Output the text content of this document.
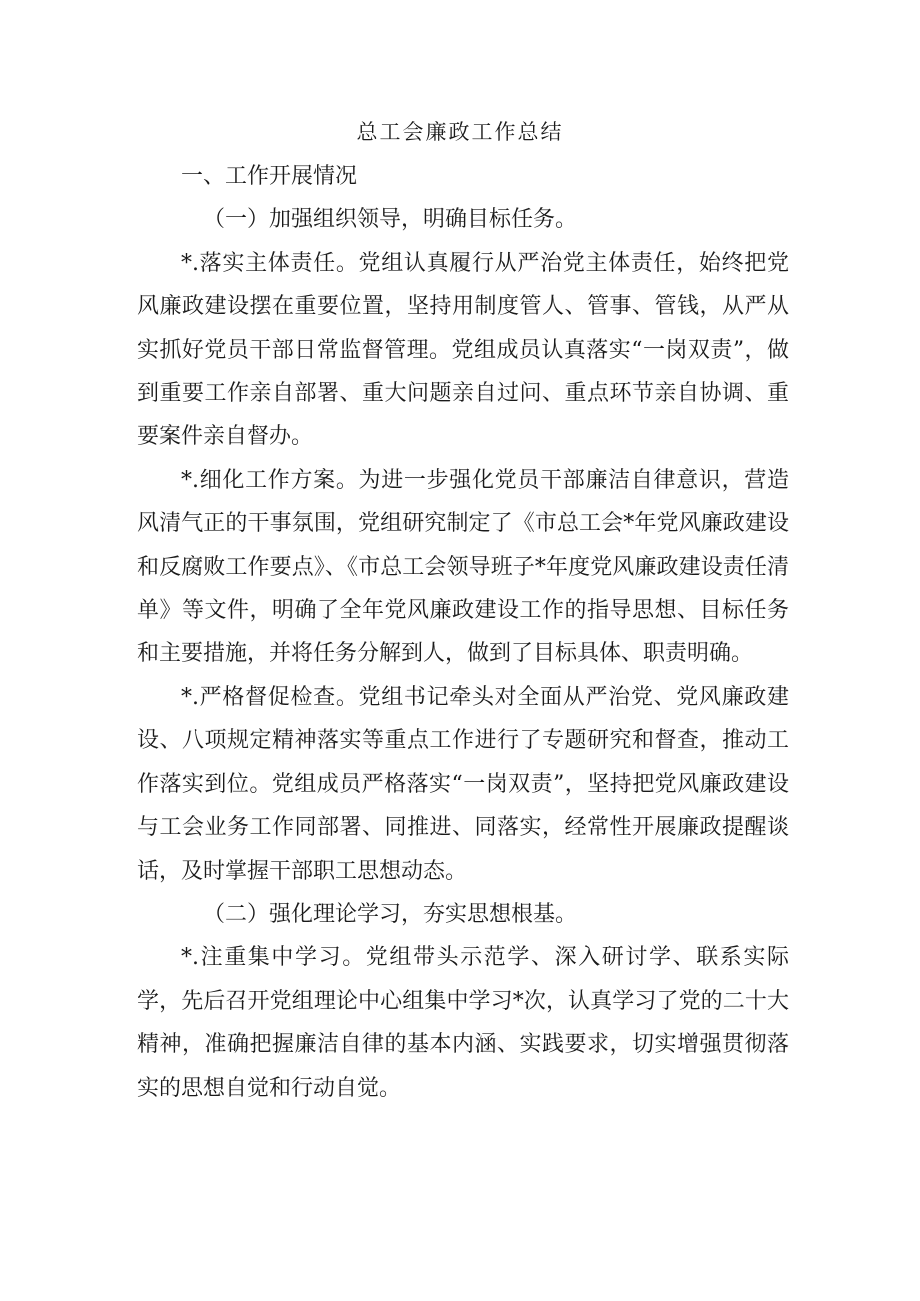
总工会廉政工作总结

一、工作开展情况

（一）加强组织领导，明确目标任务。

*.落实主体责任。党组认真履行从严治党主体责任，始终把党风廉政建设摆在重要位置，坚持用制度管人、管事、管钱，从严从实抓好党员干部日常监督管理。党组成员认真落实“一岗双责”，做到重要工作亲自部署、重大问题亲自过问、重点环节亲自协调、重要案件亲自督办。

*.细化工作方案。为进一步强化党员干部廉洁自律意识，营造风清气正的干事氛围，党组研究制定了《市总工会*年党风廉政建设和反腐败工作要点》、《市总工会领导班子*年度党风廉政建设责任清单》等文件，明确了全年党风廉政建设工作的指导思想、目标任务和主要措施，并将任务分解到人，做到了目标具体、职责明确。

*.严格督促检查。党组书记牵头对全面从严治党、党风廉政建设、八项规定精神落实等重点工作进行了专题研究和督查，推动工作落实到位。党组成员严格落实“一岗双责”，坚持把党风廉政建设与工会业务工作同部署、同推进、同落实，经常性开展廉政提醒谈话，及时掌握干部职工思想动态。

（二）强化理论学习，夯实思想根基。

*.注重集中学习。党组带头示范学、深入研讨学、联系实际学，先后召开党组理论中心组集中学习*次，认真学习了党的二十大精神，准确把握廉洁自律的基本内涵、实践要求，切实增强贯彻落实的思想自觉和行动自觉。
